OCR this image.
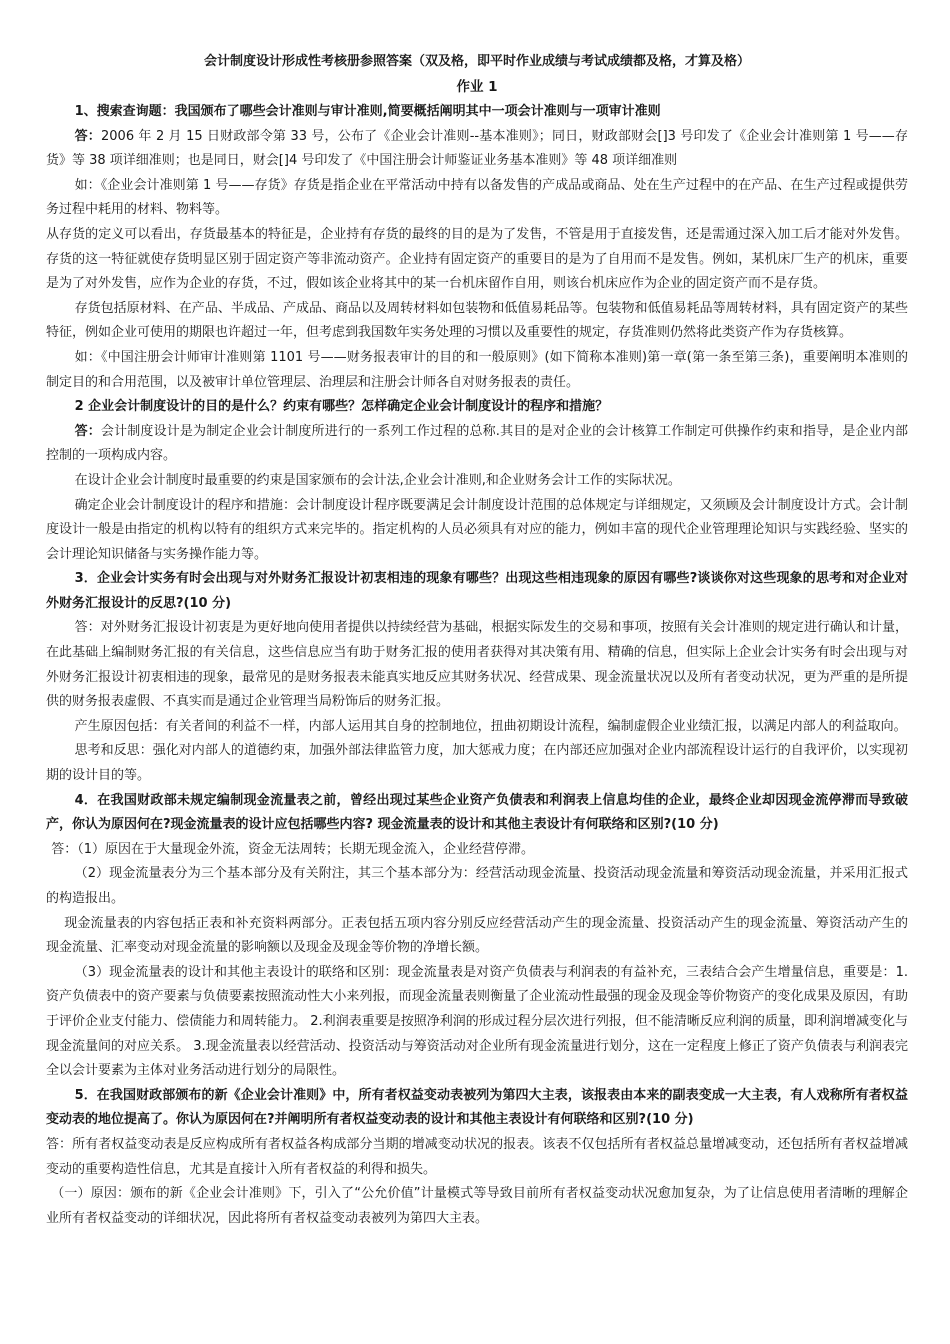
会计制度设计形成性考核册参照答案（双及格，即平时作业成绩与考试成绩都及格，才算及格）
作业 1

1、搜索查询题：我国颁布了哪些会计准则与审计准则,简要概括阐明其中一项会计准则与一项审计准则

答：2006 年 2 月 15 日财政部令第 33 号，公布了《企业会计准则--基本准则》；同日，财政部财会[]3 号印发了《企业会计准则第 1 号——存货》等 38 项详细准则；也是同日，财会[]4 号印发了《中国注册会计师鉴证业务基本准则》等 48 项详细准则

如：《企业会计准则第 1 号——存货》存货是指企业在平常活动中持有以备发售的产成品或商品、处在生产过程中的在产品、在生产过程或提供劳务过程中耗用的材料、物料等。

从存货的定义可以看出，存货最基本的特征是，企业持有存货的最终的目的是为了发售，不管是用于直接发售，还是需通过深入加工后才能对外发售。存货的这一特征就使存货明显区别于固定资产等非流动资产。企业持有固定资产的重要目的是为了自用而不是发售。例如，某机床厂生产的机床，重要是为了对外发售，应作为企业的存货，不过，假如该企业将其中的某一台机床留作自用，则该台机床应作为企业的固定资产而不是存货。

存货包括原材料、在产品、半成品、产成品、商品以及周转材料如包装物和低值易耗品等。包装物和低值易耗品等周转材料，具有固定资产的某些特征，例如企业可使用的期限也许超过一年，但考虑到我国数年实务处理的习惯以及重要性的规定，存货准则仍然将此类资产作为存货核算。

如：《中国注册会计师审计准则第 1101 号——财务报表审计的目的和一般原则》(如下简称本准则)第一章(第一条至第三条)，重要阐明本准则的制定目的和合用范围，以及被审计单位管理层、治理层和注册会计师各自对财务报表的责任。

2 企业会计制度设计的目的是什么？约束有哪些？怎样确定企业会计制度设计的程序和措施？

答：会计制度设计是为制定企业会计制度所进行的一系列工作过程的总称.其目的是对企业的会计核算工作制定可供操作约束和指导，是企业内部控制的一项构成内容。

在设计企业会计制度时最重要的约束是国家颁布的会计法,企业会计准则,和企业财务会计工作的实际状况。

确定企业会计制度设计的程序和措施：会计制度设计程序既要满足会计制度设计范围的总体规定与详细规定，又须顾及会计制度设计方式。会计制度设计一般是由指定的机构以特有的组织方式来完毕的。指定机构的人员必须具有对应的能力，例如丰富的现代企业管理理论知识与实践经验、坚实的会计理论知识储备与实务操作能力等。

3．企业会计实务有时会出现与对外财务汇报设计初衷相违的现象有哪些？出现这些相违现象的原因有哪些?谈谈你对这些现象的思考和对企业对外财务汇报设计的反思?(10 分)

答：对外财务汇报设计初衷是为更好地向使用者提供以持续经营为基础，根据实际发生的交易和事项，按照有关会计准则的规定进行确认和计量，在此基础上编制财务汇报的有关信息，这些信息应当有助于财务汇报的使用者获得对其决策有用、精确的信息，但实际上企业会计实务有时会出现与对外财务汇报设计初衷相违的现象，最常见的是财务报表未能真实地反应其财务状况、经营成果、现金流量状况以及所有者变动状况，更为严重的是所提供的财务报表虚假、不真实而是通过企业管理当局粉饰后的财务汇报。

产生原因包括：有关者间的利益不一样，内部人运用其自身的控制地位，扭曲初期设计流程，编制虚假企业业绩汇报，以满足内部人的利益取向。

思考和反思：强化对内部人的道德约束，加强外部法律监管力度，加大惩戒力度；在内部还应加强对企业内部流程设计运行的自我评价，以实现初期的设计目的等。

4．在我国财政部未规定编制现金流量表之前，曾经出现过某些企业资产负债表和利润表上信息均佳的企业，最终企业却因现金流停滞而导致破产，你认为原因何在?现金流量表的设计应包括哪些内容? 现金流量表的设计和其他主表设计有何联络和区别?(10 分)

答：（1）原因在于大量现金外流，资金无法周转；长期无现金流入，企业经营停滞。

（2）现金流量表分为三个基本部分及有关附注，其三个基本部分为：经营活动现金流量、投资活动现金流量和筹资活动现金流量，并采用汇报式的构造报出。

现金流量表的内容包括正表和补充资料两部分。正表包括五项内容分别反应经营活动产生的现金流量、投资活动产生的现金流量、筹资活动产生的现金流量、汇率变动对现金流量的影响额以及现金及现金等价物的净增长额。

（3）现金流量表的设计和其他主表设计的联络和区别：现金流量表是对资产负债表与利润表的有益补充，三表结合会产生增量信息，重要是：1.资产负债表中的资产要素与负债要素按照流动性大小来列报，而现金流量表则衡量了企业流动性最强的现金及现金等价物资产的变化成果及原因，有助于评价企业支付能力、偿债能力和周转能力。 2.利润表重要是按照净利润的形成过程分层次进行列报，但不能清晰反应利润的质量，即利润增减变化与现金流量间的对应关系。 3.现金流量表以经营活动、投资活动与筹资活动对企业所有现金流量进行划分，这在一定程度上修正了资产负债表与利润表完全以会计要素为主体对业务活动进行划分的局限性。

5．在我国财政部颁布的新《企业会计准则》中，所有者权益变动表被列为第四大主表，该报表由本来的副表变成一大主表，有人戏称所有者权益变动表的地位提高了。你认为原因何在?并阐明所有者权益变动表的设计和其他主表设计有何联络和区别?(10 分)

答：所有者权益变动表是反应构成所有者权益各构成部分当期的增减变动状况的报表。该表不仅包括所有者权益总量增减变动，还包括所有者权益增减变动的重要构造性信息，尤其是直接计入所有者权益的利得和损失。

（一）原因：颁布的新《企业会计准则》下，引入了“公允价值”计量模式等导致目前所有者权益变动状况愈加复杂，为了让信息使用者清晰的理解企业所有者权益变动的详细状况，因此将所有者权益变动表被列为第四大主表。
